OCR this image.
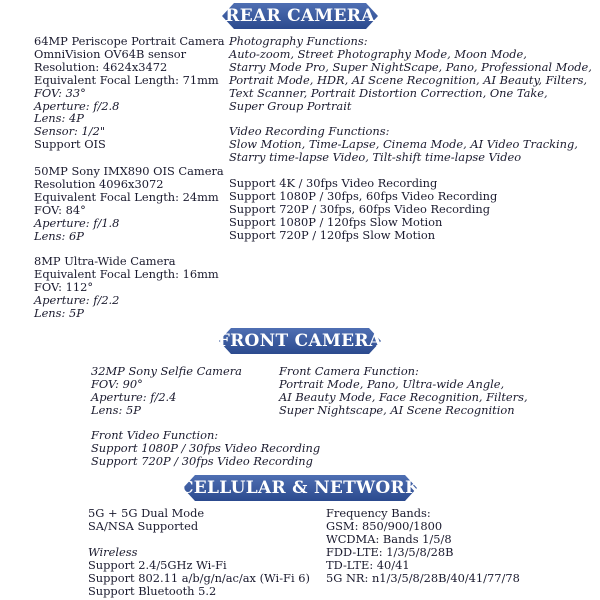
REAR CAMERA
64MP Periscope Portrait Camera
OmniVision OV64B sensor
Resolution: 4624x3472
Equivalent Focal Length: 71mm
FOV: 33°
Aperture: f/2.8
Lens: 4P
Sensor: 1/2"
Support OIS
50MP Sony IMX890 OIS Camera
Resolution 4096x3072
Equivalent Focal Length: 24mm
FOV: 84°
Aperture: f/1.8
Lens: 6P
8MP Ultra-Wide Camera
Equivalent Focal Length: 16mm
FOV: 112°
Aperture: f/2.2
Lens: 5P
Photography Functions:
Auto-zoom, Street Photography Mode, Moon Mode,
Starry Mode Pro, Super NightScape, Pano, Professional Mode,
Portrait Mode, HDR, AI Scene Recognition, AI Beauty, Filters,
Text Scanner, Portrait Distortion Correction, One Take,
Super Group Portrait
Video Recording Functions:
Slow Motion, Time-Lapse, Cinema Mode, AI Video Tracking,
Starry time-lapse Video, Tilt-shift time-lapse Video
Support 4K / 30fps Video Recording
Support 1080P / 30fps, 60fps Video Recording
Support 720P / 30fps, 60fps Video Recording
Support 1080P / 120fps Slow Motion
Support 720P / 120fps Slow Motion
FRONT CAMERA
32MP Sony Selfie Camera
FOV: 90°
Aperture: f/2.4
Lens: 5P
Front Camera Function:
Portrait Mode, Pano, Ultra-wide Angle,
AI Beauty Mode, Face Recognition, Filters,
Super Nightscape, AI Scene Recognition
Front Video Function:
Support 1080P / 30fps Video Recording
Support 720P / 30fps Video Recording
CELLULAR & NETWORK
5G + 5G Dual Mode
SA/NSA Supported
Wireless
Support 2.4/5GHz Wi-Fi
Support 802.11 a/b/g/n/ac/ax (Wi-Fi 6)
Support Bluetooth 5.2
Frequency Bands:
GSM: 850/900/1800
WCDMA: Bands 1/5/8
FDD-LTE: 1/3/5/8/28B
TD-LTE: 40/41
5G NR: n1/3/5/8/28B/40/41/77/78
